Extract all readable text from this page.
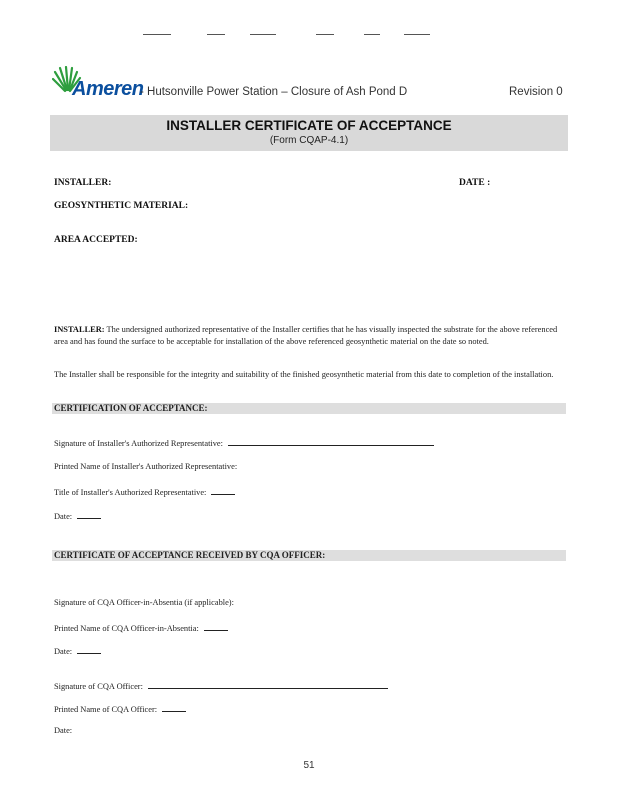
Ameren
- Hutsonville Power Station – Closure of Ash Pond D	Revision 0
INSTALLER CERTIFICATE OF ACCEPTANCE
(Form CQAP-4.1)
INSTALLER:	DATE :
GEOSYNTHETIC MATERIAL:
AREA ACCEPTED:
INSTALLER: The undersigned authorized representative of the Installer certifies that he has visually inspected the substrate for the above referenced area and has found the surface to be acceptable for installation of the above referenced geosynthetic material on the date so noted.
The Installer shall be responsible for the integrity and suitability of the finished geosynthetic material from this date to completion of the installation.
CERTIFICATION OF ACCEPTANCE:
Signature of Installer's Authorized Representative:
Printed Name of Installer's Authorized Representative:
Title of Installer's Authorized Representative:
Date:
CERTIFICATE OF ACCEPTANCE RECEIVED BY CQA OFFICER:
Signature of CQA Officer-in-Absentia (if applicable):
Printed Name of CQA Officer-in-Absentia:
Date:
Signature of CQA Officer:
Printed Name of CQA Officer:
Date:
51
